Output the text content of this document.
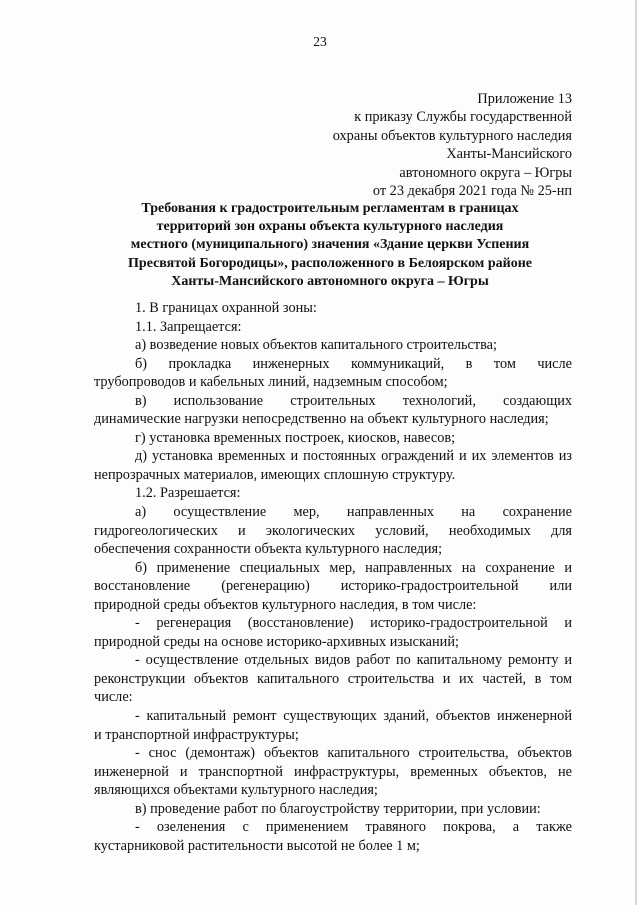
23
Приложение 13
к приказу Службы государственной
охраны объектов культурного наследия
Ханты-Мансийского
автономного округа – Югры
от 23 декабря 2021 года № 25-нп
Требования к градостроительным регламентам в границах
территорий зон охраны объекта культурного наследия
местного (муниципального) значения «Здание церкви Успения
Пресвятой Богородицы», расположенного в Белоярском районе
Ханты-Мансийского автономного округа – Югры
1. В границах охранной зоны:
1.1. Запрещается:
а) возведение новых объектов капитального строительства;
б) прокладка инженерных коммуникаций, в том числе
трубопроводов и кабельных линий, надземным способом;
в) использование строительных технологий, создающих
динамические нагрузки непосредственно на объект культурного наследия;
г) установка временных построек, киосков, навесов;
д) установка временных и постоянных ограждений и их элементов из
непрозрачных материалов, имеющих сплошную структуру.
1.2. Разрешается:
а) осуществление мер, направленных на сохранение
гидрогеологических и экологических условий, необходимых для
обеспечения сохранности объекта культурного наследия;
б) применение специальных мер, направленных на сохранение и
восстановление (регенерацию) историко-градостроительной или
природной среды объектов культурного наследия, в том числе:
- регенерация (восстановление) историко-градостроительной и
природной среды на основе историко-архивных изысканий;
- осуществление отдельных видов работ по капитальному ремонту и
реконструкции объектов капитального строительства и их частей, в том
числе:
- капитальный ремонт существующих зданий, объектов инженерной
и транспортной инфраструктуры;
- снос (демонтаж) объектов капитального строительства, объектов
инженерной и транспортной инфраструктуры, временных объектов, не
являющихся объектами культурного наследия;
в) проведение работ по благоустройству территории, при условии:
- озеленения с применением травяного покрова, а также
кустарниковой растительности высотой не более 1 м;
